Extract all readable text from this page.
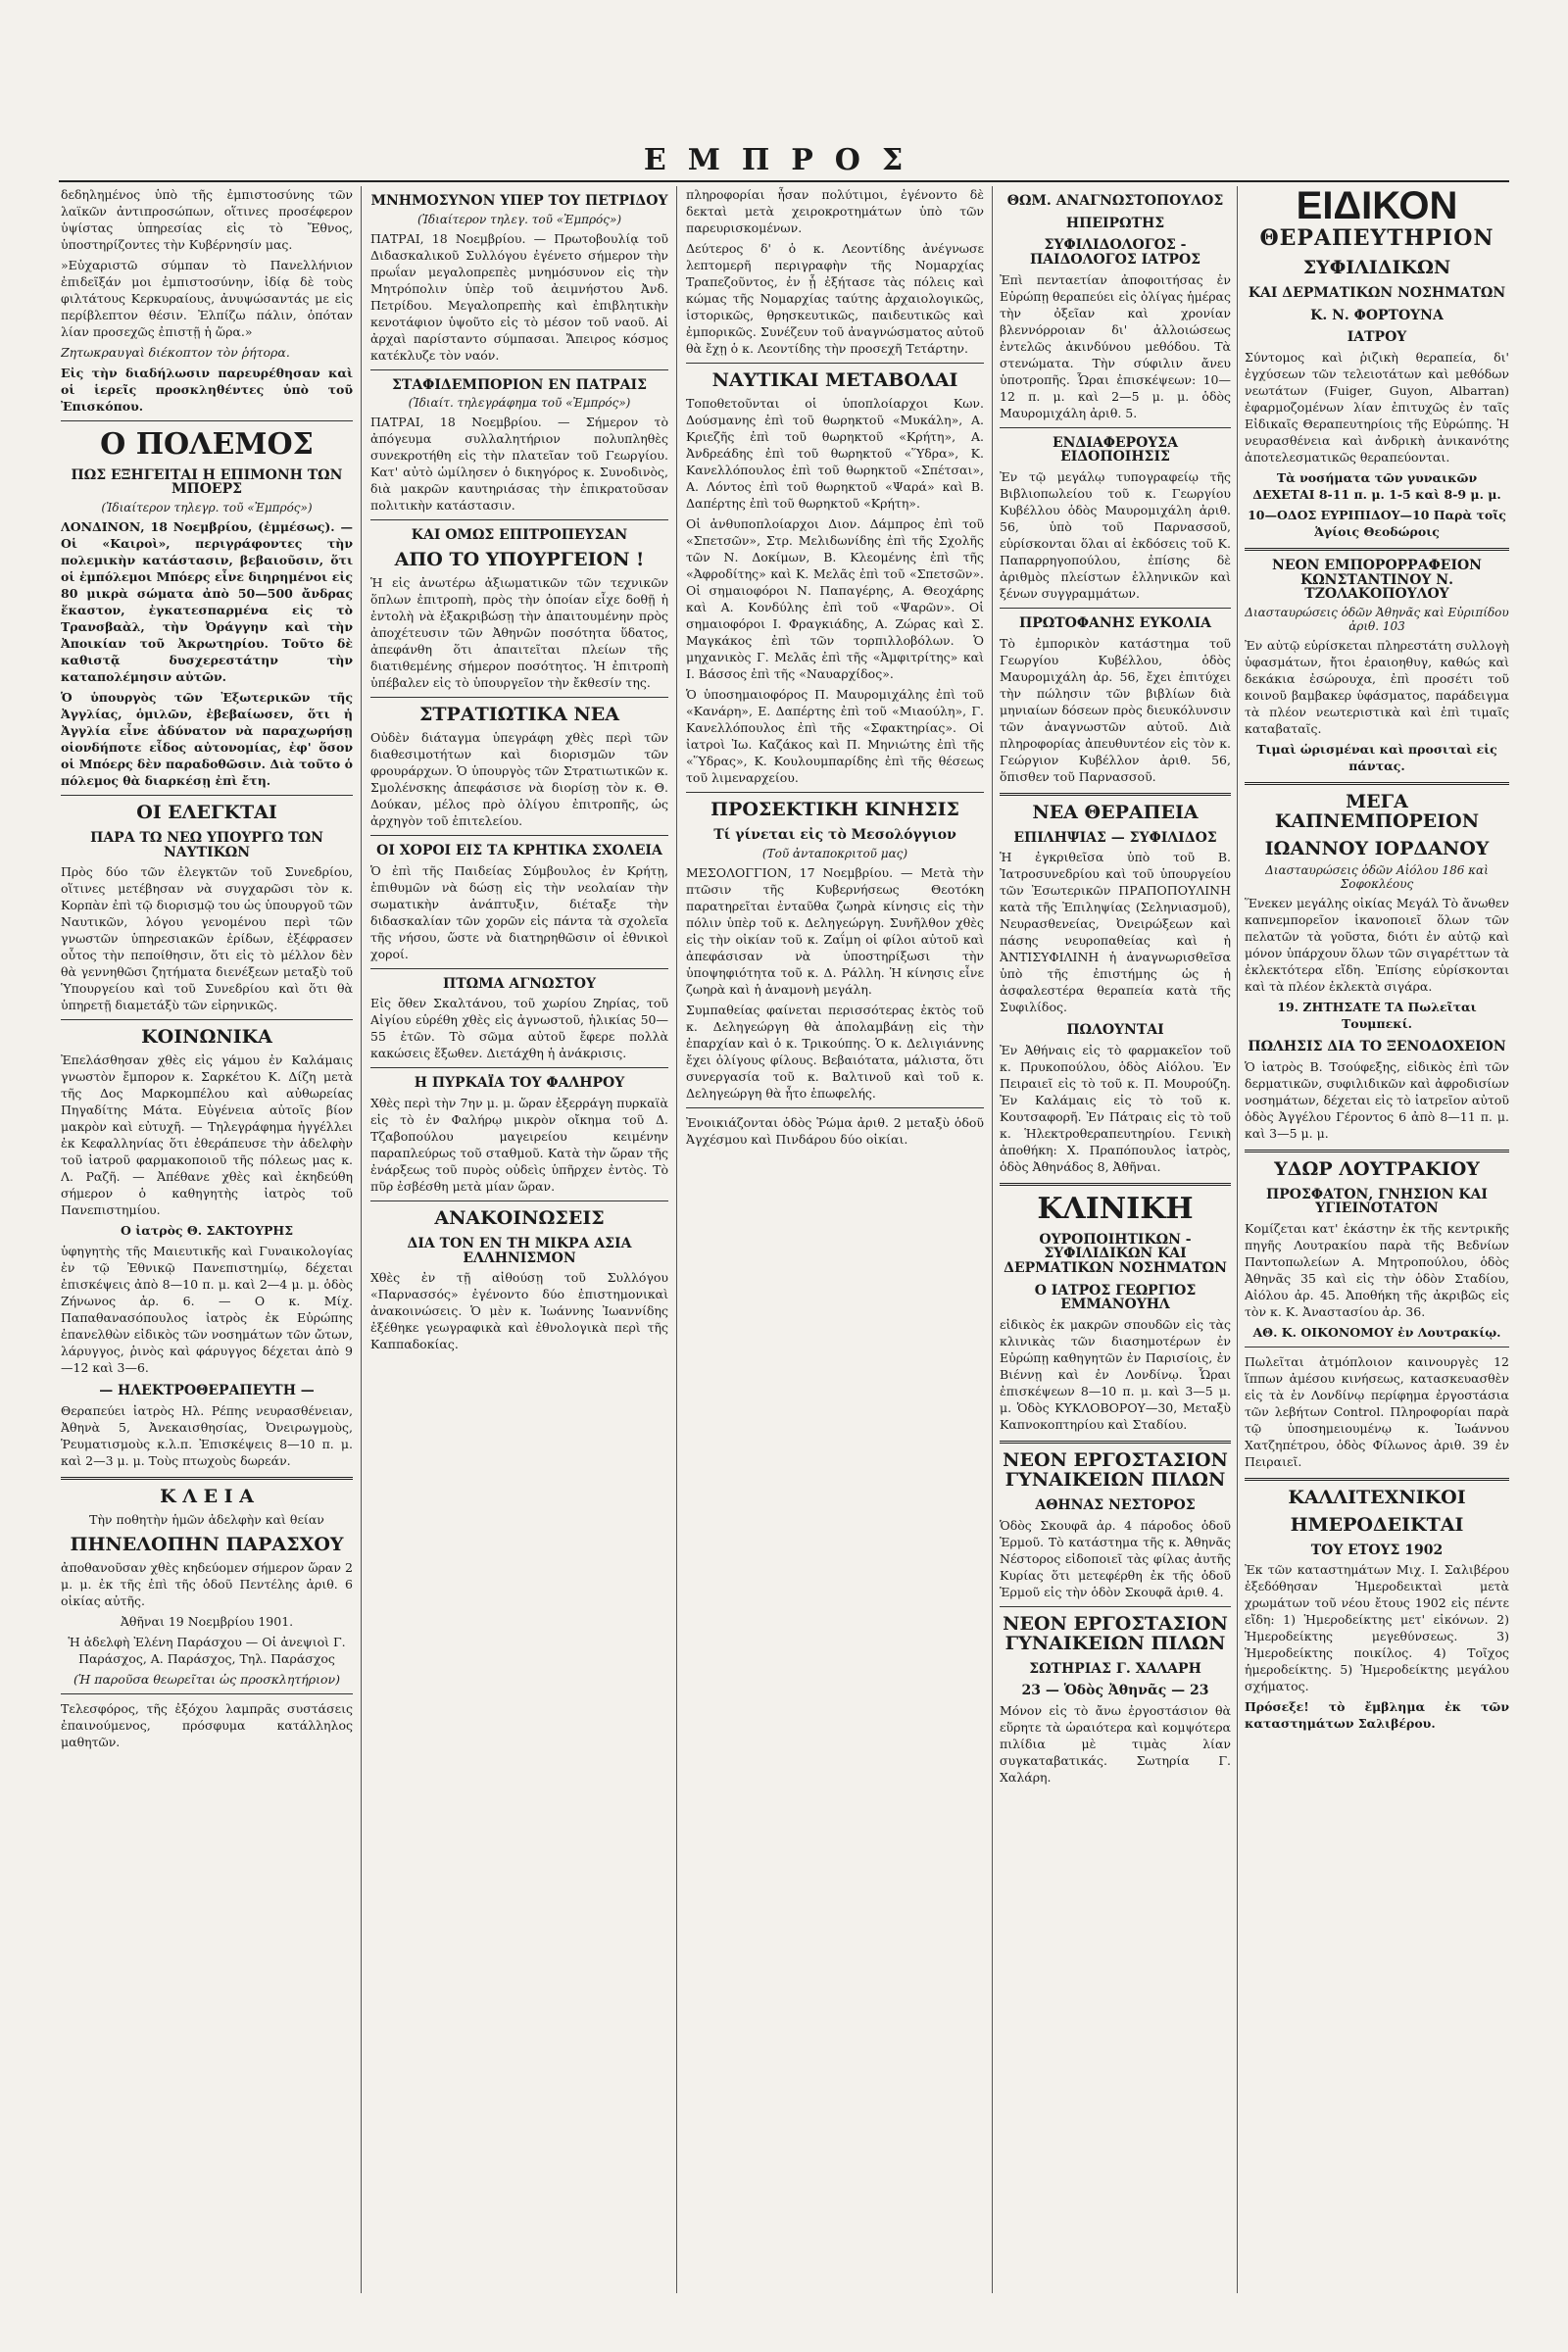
ΕΜΠΡΟΣ

δεδηλημένος ὑπὸ τῆς ἐμπιστοσύνης τῶν λαϊκῶν ἀντιπροσώπων, οἵτινες προσέφερον ὑψίστας ὑπηρεσίας εἰς τὸ Ἔθνος, ὑποστηρίζοντες τὴν Κυβέρνησίν μας.

»Εὐχαριστῶ σύμπαν τὸ Πανελλήνιον ἐπιδεῖξάν μοι ἐμπιστοσύνην, ἰδίᾳ δὲ τοὺς φιλτάτους Κερκυραίους, ἀνυψώσαντάς με εἰς περίβλεπτον θέσιν. Ἐλπίζω πάλιν, ὁπόταν λίαν προσεχῶς ἐπιστῇ ἡ ὥρα.»

Ζητωκραυγαὶ διέκοπτον τὸν ῥήτορα.

Εἰς τὴν διαδήλωσιν παρευρέθησαν καὶ οἱ ἱερεῖς προσκληθέντες ὑπὸ τοῦ Ἐπισκόπου.

Ο ΠΟΛΕΜΟΣ
ΠΩΣ ΕΞΗΓΕΙΤΑΙ Η ΕΠΙΜΟΝΗ ΤΩΝ ΜΠΟΕΡΣ
(Ἰδιαίτερον τηλεγρ. τοῦ «Ἐμπρός»)

ΛΟΝΔΙΝΟΝ, 18 Νοεμβρίου, (ἐμμέσως). — Οἱ «Καιροὶ», περιγράφοντες τὴν πολεμικὴν κατάστασιν, βεβαιοῦσιν, ὅτι οἱ ἐμπόλεμοι Μπόερς εἶνε διηρημένοι εἰς 80 μικρὰ σώματα ἀπὸ 50—500 ἄνδρας ἕκαστον, ἐγκατεσπαρμένα εἰς τὸ Τρανσβαὰλ, τὴν Ὀράγγην καὶ τὴν Ἀποικίαν τοῦ Ἀκρωτηρίου. Τοῦτο δὲ καθιστᾷ δυσχερεστάτην τὴν καταπολέμησιν αὐτῶν.

Ὁ ὑπουργὸς τῶν Ἐξωτερικῶν τῆς Ἀγγλίας, ὁμιλῶν, ἐβεβαίωσεν, ὅτι ἡ Ἀγγλία εἶνε ἀδύνατον νὰ παραχωρήσῃ οἱονδήποτε εἶδος αὐτονομίας, ἐφ' ὅσον οἱ Μπόερς δὲν παραδοθῶσιν. Διὰ τοῦτο ὁ πόλεμος θὰ διαρκέσῃ ἐπὶ ἔτη.

ΟΙ ΕΛΕΓΚΤΑΙ
ΠΑΡΑ ΤΩ ΝΕΩ ΥΠΟΥΡΓΩ ΤΩΝ ΝΑΥΤΙΚΩΝ

Πρὸς δύο τῶν ἐλεγκτῶν τοῦ Συνεδρίου, οἵτινες μετέβησαν νὰ συγχαρῶσι τὸν κ. Κορπὰν ἐπὶ τῷ διορισμῷ του ὡς ὑπουργοῦ τῶν Ναυτικῶν, λόγου γενομένου περὶ τῶν γνωστῶν ὑπηρεσιακῶν ἐρίδων, ἐξέφρασεν οὗτος τὴν πεποίθησιν, ὅτι εἰς τὸ μέλλον δὲν θὰ γεννηθῶσι ζητήματα διενέξεων μεταξὺ τοῦ Ὑπουργείου καὶ τοῦ Συνεδρίου καὶ ὅτι θὰ ὑπηρετῇ διαμετάξὺ τῶν εἰρηνικῶς.

ΚΟΙΝΩΝΙΚΑ

Ἐπελάσθησαν χθὲς εἰς γάμου ἐν Καλάμαις γνωστὸν ἔμπορον κ. Σαρκέτου Κ. Δίζη μετὰ τῆς Δος Μαρκομπέλου καὶ αὐθωρείας Πηγαδίτης Μάτα. Εὐγένεια αὐτοῖς βίον μακρὸν καὶ εὐτυχῆ. — Τηλεγράφημα ἠγγέλλει ἐκ Κεφαλληνίας ὅτι ἐθεράπευσε τὴν ἀδελφὴν τοῦ ἰατροῦ φαρμακοποιοῦ τῆς πόλεως μας κ. Λ. Ραζῆ. — Ἀπέθανε χθὲς καὶ ἐκηδεύθη σήμερον ὁ καθηγητὴς ἰατρὸς τοῦ Πανεπιστημίου.

Ο ἰατρὸς Θ. ΣΑΚΤΟΥΡΗΣ

ὑφηγητὴς τῆς Μαιευτικῆς καὶ Γυναικολογίας ἐν τῷ Ἐθνικῷ Πανεπιστημίῳ, δέχεται ἐπισκέψεις ἀπὸ 8—10 π. μ. καὶ 2—4 μ. μ. ὁδὸς Ζήνωνος ἀρ. 6. — Ο κ. Μίχ. Παπαθανασόπουλος ἰατρὸς ἐκ Εὐρώπης ἐπανελθὼν εἰδικὸς τῶν νοσημάτων τῶν ὤτων, λάρυγγος, ῥινὸς καὶ φάρυγγος δέχεται ἀπὸ 9—12 καὶ 3—6.

— ΗΛΕΚΤΡΟΘΕΡΑΠΕΥΤΗ —

Θεραπεύει ἰατρὸς Ηλ. Ρέπης νευρασθένειαν, Ἀθηνὰ 5, Ἀνεκαισθησίας, Ὀνειρωγμοὺς, Ῥευματισμοὺς κ.λ.π. Ἐπισκέψεις 8—10 π. μ. καὶ 2—3 μ. μ. Τοὺς πτωχοὺς δωρεάν.

Κ Λ Ε Ι Α

Τὴν ποθητὴν ἡμῶν ἀδελφὴν καὶ θείαν

ΠΗΝΕΛΟΠΗΝ ΠΑΡΑΣΧΟΥ

ἀποθανοῦσαν χθὲς κηδεύομεν σήμερον ὥραν 2 μ. μ. ἐκ τῆς ἐπὶ τῆς ὁδοῦ Πεντέλης ἀριθ. 6 οἰκίας αὐτῆς.

Ἀθῆναι 19 Νοεμβρίου 1901.

Ἡ ἀδελφὴ Ἐλένη Παράσχου — Οἱ ἀνεψιοὶ Γ. Παράσχος, Α. Παράσχος, Τηλ. Παράσχος

(Ἡ παροῦσα θεωρεῖται ὡς προσκλητήριον)

Τελεσφόρος, τῆς ἐξόχου λαμπρᾶς συστάσεις ἐπαινούμενος, πρόσφυμα κατάλληλος μαθητῶν.

ΜΝΗΜΟΣΥΝΟΝ ΥΠΕΡ ΤΟΥ ΠΕΤΡΙΔΟΥ
(Ἰδιαίτερον τηλεγ. τοῦ «Ἐμπρός»)

ΠΑΤΡΑΙ, 18 Νοεμβρίου. — Πρωτοβουλίᾳ τοῦ Διδασκαλικοῦ Συλλόγου ἐγένετο σήμερον τὴν πρωΐαν μεγαλοπρεπὲς μνημόσυνον εἰς τὴν Μητρόπολιν ὑπὲρ τοῦ ἀειμνήστου Ἀνδ. Πετρίδου. Μεγαλοπρεπὴς καὶ ἐπιβλητικὴν κενοτάφιον ὑψοῦτο εἰς τὸ μέσον τοῦ ναοῦ. Αἱ ἀρχαὶ παρίσταντο σύμπασαι. Ἄπειρος κόσμος κατέκλυζε τὸν ναόν.

ΣΤΑΦΙΔΕΜΠΟΡΙΟΝ ΕΝ ΠΑΤΡΑΙΣ
(Ἰδιαίτ. τηλεγράφημα τοῦ «Ἐμπρός»)

ΠΑΤΡΑΙ, 18 Νοεμβρίου. — Σήμερον τὸ ἀπόγευμα συλλαλητήριον πολυπληθὲς συνεκροτήθη εἰς τὴν πλατεῖαν τοῦ Γεωργίου. Κατ' αὐτὸ ὡμίλησεν ὁ δικηγόρος κ. Συνοδινὸς, διὰ μακρῶν καυτηριάσας τὴν ἐπικρατοῦσαν πολιτικὴν κατάστασιν.

ΚΑΙ ΟΜΩΣ ΕΠΙΤΡΟΠΕΥΣΑΝ
ΑΠΟ ΤΟ ΥΠΟΥΡΓΕΙΟΝ !

Ἡ εἰς ἀνωτέρω ἀξιωματικῶν τῶν τεχνικῶν ὅπλων ἐπιτροπὴ, πρὸς τὴν ὁποίαν εἶχε δοθῇ ἡ ἐντολὴ νὰ ἐξακριβώσῃ τὴν ἀπαιτουμένην πρὸς ἀποχέτευσιν τῶν Ἀθηνῶν ποσότητα ὕδατος, ἀπεφάνθη ὅτι ἀπαιτεῖται πλείων τῆς διατιθεμένης σήμερον ποσότητος. Ἡ ἐπιτροπὴ ὑπέβαλεν εἰς τὸ ὑπουργεῖον τὴν ἔκθεσίν της.

ΣΤΡΑΤΙΩΤΙΚΑ ΝΕΑ

Οὐδὲν διάταγμα ὑπεγράφη χθὲς περὶ τῶν διαθεσιμοτήτων καὶ διορισμῶν τῶν φρουράρχων. Ὁ ὑπουργὸς τῶν Στρατιωτικῶν κ. Σμολένσκης ἀπεφάσισε νὰ διορίσῃ τὸν κ. Θ. Δούκαν, μέλος πρὸ ὀλίγου ἐπιτροπῆς, ὡς ἀρχηγὸν τοῦ ἐπιτελείου.

ΟΙ ΧΟΡΟΙ ΕΙΣ ΤΑ ΚΡΗΤΙΚΑ ΣΧΟΛΕΙΑ

Ὁ ἐπὶ τῆς Παιδείας Σύμβουλος ἐν Κρήτῃ, ἐπιθυμῶν νὰ δώσῃ εἰς τὴν νεολαίαν τὴν σωματικὴν ἀνάπτυξιν, διέταξε τὴν διδασκαλίαν τῶν χορῶν εἰς πάντα τὰ σχολεῖα τῆς νήσου, ὥστε νὰ διατηρηθῶσιν οἱ ἐθνικοὶ χοροί.

ΠΤΩΜΑ ΑΓΝΩΣΤΟΥ

Εἰς ὄθεν Σκαλτάνου, τοῦ χωρίου Ζηρίας, τοῦ Αἰγίου εὑρέθη χθὲς εἰς ἀγνωστοῦ, ἡλικίας 50—55 ἐτῶν. Τὸ σῶμα αὐτοῦ ἔφερε πολλὰ κακώσεις ἔξωθεν. Διετάχθη ἡ ἀνάκρισις.

Η ΠΥΡΚΑΪΑ ΤΟΥ ΦΑΛΗΡΟΥ

Χθὲς περὶ τὴν 7ην μ. μ. ὥραν ἐξερράγη πυρκαϊὰ εἰς τὸ ἐν Φαλήρῳ μικρὸν οἴκημα τοῦ Δ. Τζαβοπούλου μαγειρείου κειμένην παραπλεύρως τοῦ σταθμοῦ. Κατὰ τὴν ὥραν τῆς ἐνάρξεως τοῦ πυρὸς οὐδεὶς ὑπῆρχεν ἐντὸς. Τὸ πῦρ ἐσβέσθη μετὰ μίαν ὥραν.

ΑΝΑΚΟΙΝΩΣΕΙΣ
ΔΙΑ ΤΟΝ ΕΝ ΤΗ ΜΙΚΡΑ ΑΣΙΑ ΕΛΛΗΝΙΣΜΟΝ

Χθὲς ἐν τῇ αἰθούσῃ τοῦ Συλλόγου «Παρνασσός» ἐγένοντο δύο ἐπιστημονικαὶ ἀνακοινώσεις. Ὁ μὲν κ. Ἰωάννης Ἰωαννίδης ἐξέθηκε γεωγραφικὰ καὶ ἐθνολογικὰ περὶ τῆς Καππαδοκίας.

πληροφορίαι ἦσαν πολύτιμοι, ἐγένοντο δὲ δεκταὶ μετὰ χειροκροτημάτων ὑπὸ τῶν παρευρισκομένων.

Δεύτερος δ' ὁ κ. Λεοντίδης ἀνέγνωσε λεπτομερῆ περιγραφὴν τῆς Νομαρχίας Τραπεζοῦντος, ἐν ᾗ ἐξήτασε τὰς πόλεις καὶ κώμας τῆς Νομαρχίας ταύτης ἀρχαιολογικῶς, ἱστορικῶς, θρησκευτικῶς, παιδευτικῶς καὶ ἐμπορικῶς. Συνέζευν τοῦ ἀναγνώσματος αὐτοῦ θὰ ἔχῃ ὁ κ. Λεοντίδης τὴν προσεχῆ Τετάρτην.

ΝΑΥΤΙΚΑΙ ΜΕΤΑΒΟΛΑΙ

Τοποθετοῦνται οἱ ὑποπλοίαρχοι Κων. Δούσμανης ἐπὶ τοῦ θωρηκτοῦ «Μυκάλη», Α. Κριεζῆς ἐπὶ τοῦ θωρηκτοῦ «Κρήτη», Α. Ἀνδρεάδης ἐπὶ τοῦ θωρηκτοῦ «Ὕδρα», Κ. Κανελλόπουλος ἐπὶ τοῦ θωρηκτοῦ «Σπέτσαι», Α. Λόντος ἐπὶ τοῦ θωρηκτοῦ «Ψαρά» καὶ Β. Δαπέρτης ἐπὶ τοῦ θωρηκτοῦ «Κρήτη».

Οἱ ἀνθυποπλοίαρχοι Διον. Δάμπρος ἐπὶ τοῦ «Σπετσῶν», Στρ. Μελιδωνίδης ἐπὶ τῆς Σχολῆς τῶν Ν. Δοκίμων, Β. Κλεομένης ἐπὶ τῆς «Ἀφροδίτης» καὶ Κ. Μελᾶς ἐπὶ τοῦ «Σπετσῶν». Οἱ σημαιοφόροι Ν. Παπαγέρης, Α. Θεοχάρης καὶ Α. Κονδύλης ἐπὶ τοῦ «Ψαρῶν». Οἱ σημαιοφόροι Ι. Φραγκιάδης, Α. Ζώρας καὶ Σ. Μαγκάκος ἐπὶ τῶν τορπιλλοβόλων. Ὁ μηχανικὸς Γ. Μελᾶς ἐπὶ τῆς «Ἀμφιτρίτης» καὶ Ι. Βάσσος ἐπὶ τῆς «Ναυαρχίδος».

Ὁ ὑποσημαιοφόρος Π. Μαυρομιχάλης ἐπὶ τοῦ «Κανάρη», Ε. Δαπέρτης ἐπὶ τοῦ «Μιαούλη», Γ. Κανελλόπουλος ἐπὶ τῆς «Σφακτηρίας». Οἱ ἰατροὶ Ἰω. Καζάκος καὶ Π. Μηνιώτης ἐπὶ τῆς «Ὕδρας», Κ. Κουλουμπαρίδης ἐπὶ τῆς θέσεως τοῦ λιμεναρχείου.

ΠΡΟΣΕΚΤΙΚΗ ΚΙΝΗΣΙΣ
Τί γίνεται εἰς τὸ Μεσολόγγιον
(Τοῦ ἀνταποκριτοῦ μας)

ΜΕΣΟΛΟΓΓΙΟΝ, 17 Νοεμβρίου. — Μετὰ τὴν πτῶσιν τῆς Κυβερνήσεως Θεοτόκη παρατηρεῖται ἐνταῦθα ζωηρὰ κίνησις εἰς τὴν πόλιν ὑπὲρ τοῦ κ. Δεληγεώργη. Συνῆλθον χθὲς εἰς τὴν οἰκίαν τοῦ κ. Ζαΐμη οἱ φίλοι αὐτοῦ καὶ ἀπεφάσισαν νὰ ὑποστηρίξωσι τὴν ὑποψηφιότητα τοῦ κ. Δ. Ράλλη. Ἡ κίνησις εἶνε ζωηρὰ καὶ ἡ ἀναμονὴ μεγάλη.

Συμπαθείας φαίνεται περισσότερας ἐκτὸς τοῦ κ. Δεληγεώργη θὰ ἀπολαμβάνῃ εἰς τὴν ἐπαρχίαν καὶ ὁ κ. Τρικούπης. Ὁ κ. Δελιγιάννης ἔχει ὀλίγους φίλους. Βεβαιότατα, μάλιστα, ὅτι συνεργασία τοῦ κ. Βαλτινοῦ καὶ τοῦ κ. Δεληγεώργη θὰ ἦτο ἐπωφελής.

Ἐνοικιάζονται ὁδὸς Ῥώμα ἀριθ. 2 μεταξὺ ὁδοῦ Ἀγχέσμου καὶ Πινδάρου δύο οἰκίαι.

ΘΩΜ. ΑΝΑΓΝΩΣΤΟΠΟΥΛΟΣ
ΗΠΕΙΡΩΤΗΣ
ΣΥΦΙΛΙΔΟΛΟΓΟΣ - ΠΑΙΔΟΛΟΓΟΣ ΙΑΤΡΟΣ

Ἐπὶ πενταετίαν ἀποφοιτήσας ἐν Εὐρώπῃ θεραπεύει εἰς ὀλίγας ἡμέρας τὴν ὀξεῖαν καὶ χρονίαν βλεννόρροιαν δι' ἀλλοιώσεως ἐντελῶς ἀκινδύνου μεθόδου. Τὰ στενώματα. Τὴν σύφιλιν ἄνευ ὑποτροπῆς. Ὧραι ἐπισκέψεων: 10—12 π. μ. καὶ 2—5 μ. μ. ὁδὸς Μαυρομιχάλη ἀριθ. 5.

ΕΝΔΙΑΦΕΡΟΥΣΑ ΕΙΔΟΠΟΙΗΣΙΣ

Ἐν τῷ μεγάλῳ τυπογραφείῳ τῆς Βιβλιοπωλείου τοῦ κ. Γεωργίου Κυβέλλου ὁδὸς Μαυρομιχάλη ἀριθ. 56, ὑπὸ τοῦ Παρνασσοῦ, εὑρίσκονται ὅλαι αἱ ἐκδόσεις τοῦ Κ. Παπαρρηγοπούλου, ἐπίσης δὲ ἀριθμὸς πλείστων ἑλληνικῶν καὶ ξένων συγγραμμάτων.

ΠΡΩΤΟΦΑΝΗΣ ΕΥΚΟΛΙΑ

Τὸ ἐμπορικὸν κατάστημα τοῦ Γεωργίου Κυβέλλου, ὁδὸς Μαυρομιχάλη ἀρ. 56, ἔχει ἐπιτύχει τὴν πώλησιν τῶν βιβλίων διὰ μηνιαίων δόσεων πρὸς διευκόλυνσιν τῶν ἀναγνωστῶν αὐτοῦ. Διὰ πληροφορίας ἀπευθυντέον εἰς τὸν κ. Γεώργιον Κυβέλλον ἀριθ. 56, ὅπισθεν τοῦ Παρνασσοῦ.

ΝΕΑ ΘΕΡΑΠΕΙΑ
ΕΠΙΛΗΨΙΑΣ — ΣΥΦΙΛΙΔΟΣ

Ἡ ἐγκριθεῖσα ὑπὸ τοῦ Β. Ἰατροσυνεδρίου καὶ τοῦ ὑπουργείου τῶν Ἐσωτερικῶν ΠΡΑΠΟΠΟΥΛΙΝΗ κατὰ τῆς Ἐπιληψίας (Σεληνιασμοῦ), Νευρασθενείας, Ὀνειρώξεων καὶ πάσης νευροπαθείας καὶ ἡ ἈΝΤΙΣΥΦΙΛΙΝΗ ἡ ἀναγνωρισθεῖσα ὑπὸ τῆς ἐπιστήμης ὡς ἡ ἀσφαλεστέρα θεραπεία κατὰ τῆς Συφιλίδος.

ΠΩΛΟΥΝΤΑΙ

Ἐν Ἀθήναις εἰς τὸ φαρμακεῖον τοῦ κ. Πρυκοπούλου, ὁδὸς Αἰόλου. Ἐν Πειραιεῖ εἰς τὸ τοῦ κ. Π. Μουρούζη. Ἐν Καλάμαις εἰς τὸ τοῦ κ. Κουτσαφορῆ. Ἐν Πάτραις εἰς τὸ τοῦ κ. Ἡλεκτροθεραπευτηρίου. Γενικὴ ἀποθήκη: Χ. Πραπόπουλος ἰατρὸς, ὁδὸς Ἀθηνάδος 8, Ἀθῆναι.

ΚΛΙΝΙΚΗ
ΟΥΡΟΠΟΙΗΤΙΚΩΝ - ΣΥΦΙΛΙΔΙΚΩΝ ΚΑΙ ΔΕΡΜΑΤΙΚΩΝ ΝΟΣΗΜΑΤΩΝ
Ο ΙΑΤΡΟΣ ΓΕΩΡΓΙΟΣ ΕΜΜΑΝΟΥΗΛ

εἰδικὸς ἐκ μακρῶν σπουδῶν εἰς τὰς κλινικὰς τῶν διασημοτέρων ἐν Εὐρώπῃ καθηγητῶν ἐν Παρισίοις, ἐν Βιέννῃ καὶ ἐν Λονδίνῳ. Ὧραι ἐπισκέψεων 8—10 π. μ. καὶ 3—5 μ. μ. Ὁδὸς ΚΥΚΛΟΒΟΡΟΥ—30, Μεταξὺ Καπνοκοπτηρίου καὶ Σταδίου.

ΝΕΟΝ ΕΡΓΟΣΤΑΣΙΟΝ ΓΥΝΑΙΚΕΙΩΝ ΠΙΛΩΝ
ΑΘΗΝΑΣ ΝΕΣΤΟΡΟΣ

Ὁδὸς Σκουφᾶ ἀρ. 4 πάροδος ὁδοῦ Ἑρμοῦ. Τὸ κατάστημα τῆς κ. Ἀθηνᾶς Νέστορος εἰδοποιεῖ τὰς φίλας ἀυτῆς Κυρίας ὅτι μετεφέρθη ἐκ τῆς ὁδοῦ Ἑρμοῦ εἰς τὴν ὁδὸν Σκουφᾶ ἀριθ. 4.

ΝΕΟΝ ΕΡΓΟΣΤΑΣΙΟΝ ΓΥΝΑΙΚΕΙΩΝ ΠΙΛΩΝ
ΣΩΤΗΡΙΑΣ Γ. ΧΑΛΑΡΗ
23 — Ὁδὸς Ἀθηνᾶς — 23

Μόνον εἰς τὸ ἄνω ἐργοστάσιον θὰ εὕρητε τὰ ὡραιότερα καὶ κομψότερα πιλίδια μὲ τιμὰς λίαν συγκαταβατικάς. Σωτηρία Γ. Χαλάρη.

ΕΙΔΙΚΟΝ
ΘΕΡΑΠΕΥΤΗΡΙΟΝ
ΣΥΦΙΛΙΔΙΚΩΝ
ΚΑΙ ΔΕΡΜΑΤΙΚΩΝ ΝΟΣΗΜΑΤΩΝ
Κ. Ν. ΦΟΡΤΟΥΝΑ
ΙΑΤΡΟΥ

Σύντομος καὶ ῥιζικὴ θεραπεία, δι' ἐγχύσεων τῶν τελειοτάτων καὶ μεθόδων νεωτάτων (Fuiger, Guyon, Albarran) ἐφαρμοζομένων λίαν ἐπιτυχῶς ἐν ταῖς Εἰδικαῖς Θεραπευτηρίοις τῆς Εὐρώπης. Ἡ νευρασθένεια καὶ ἀνδρικὴ ἀνικανότης ἀποτελεσματικῶς θεραπεύονται.

Τὰ νοσήματα τῶν γυναικῶν ΔΕΧΕΤΑΙ 8-11 π. μ. 1-5 καὶ 8-9 μ. μ.

10—ΟΔΟΣ ΕΥΡΙΠΙΔΟΥ—10 Παρὰ τοῖς Ἁγίοις Θεοδώροις

ΝΕΟΝ ΕΜΠΟΡΟΡΡΑΦΕΙΟΝ ΚΩΝΣΤΑΝΤΙΝΟΥ Ν. ΤΖΟΛΑΚΟΠΟΥΛΟΥ
Διασταυρώσεις ὁδῶν Ἀθηνᾶς καὶ Εὐριπίδου ἀριθ. 103

Ἐν αὐτῷ εὑρίσκεται πληρεστάτη συλλογὴ ὑφασμάτων, ἤτοι ἐραιοηθυγ, καθώς καὶ δεκάκια ἐσώρουχα, ἐπὶ προσέτι τοῦ κοινοῦ βαμβακερ ὑφάσματος, παράδειγμα τὰ πλέον νεωτεριστικὰ καὶ ἐπὶ τιμαῖς καταβαταῖς.

Τιμαὶ ὡρισμέναι καὶ προσιταὶ εἰς πάντας.

ΜΕΓΑ ΚΑΠΝΕΜΠΟΡΕΙΟΝ
ΙΩΑΝΝΟΥ ΙΟΡΔΑΝΟΥ
Διασταυρώσεις ὁδῶν Αἰόλου 186 καὶ Σοφοκλέους

Ἕνεκεν μεγάλης οἰκίας Μεγάλ Τὸ ἄνωθεν καπνεμπορεῖον ἱκανοποιεῖ ὅλων τῶν πελατῶν τὰ γοῦστα, διότι ἐν αὐτῷ καὶ μόνον ὑπάρχουν ὅλων τῶν σιγαρέττων τὰ ἐκλεκτότερα εἴδη. Ἐπίσης εὑρίσκονται καὶ τὰ πλέον ἐκλεκτὰ σιγάρα.

19. ΖΗΤΗΣΑΤΕ ΤΑ Πωλεῖται Τουμπεκί.

ΠΩΛΗΣΙΣ ΔΙΑ ΤΟ ΞΕΝΟΔΟΧΕΙΟΝ

Ὁ ἰατρὸς Β. Τσούφεξης, εἰδικὸς ἐπὶ τῶν δερματικῶν, συφιλιδικῶν καὶ ἀφροδισίων νοσημάτων, δέχεται εἰς τὸ ἰατρεῖον αὐτοῦ ὁδὸς Ἀγγέλου Γέροντος 6 ἀπὸ 8—11 π. μ. καὶ 3—5 μ. μ.

ΥΔΩΡ ΛΟΥΤΡΑΚΙΟΥ
ΠΡΟΣΦΑΤΟΝ, ΓΝΗΣΙΟΝ ΚΑΙ ΥΓΙΕΙΝΟΤΑΤΟΝ

Κομίζεται κατ' ἑκάστην ἐκ τῆς κεντρικῆς πηγῆς Λουτρακίου παρὰ τῆς Βεδνίων Παντοπωλείων Α. Μητροπούλου, ὁδὸς Ἀθηνᾶς 35 καὶ εἰς τὴν ὁδὸν Σταδίου, Αἰόλου ἀρ. 45. Ἀποθήκη τῆς ἀκριβῶς εἰς τὸν κ. Κ. Ἀναστασίου ἀρ. 36.

ΑΘ. Κ. ΟΙΚΟΝΟΜΟΥ ἐν Λουτρακίῳ.

Πωλεῖται ἀτμόπλοιον καινουργὲς 12 ἵππων ἀμέσου κινήσεως, κατασκευασθὲν εἰς τὰ ἐν Λονδίνῳ περίφημα ἐργοστάσια τῶν λεβήτων Control. Πληροφορίαι παρὰ τῷ ὑποσημειουμένῳ κ. Ἰωάννου Χατζηπέτρου, ὁδὸς Φίλωνος ἀριθ. 39 ἐν Πειραιεῖ.

ΚΑΛΛΙΤΕΧΝΙΚΟΙ
ΗΜΕΡΟΔΕΙΚΤΑΙ
ΤΟΥ ΕΤΟΥΣ 1902

Ἐκ τῶν καταστημάτων Μιχ. Ι. Σαλιβέρου ἐξεδόθησαν Ἡμεροδεικταὶ μετὰ χρωμάτων τοῦ νέου ἔτους 1902 εἰς πέντε εἴδη: 1) Ἡμεροδείκτης μετ' εἰκόνων. 2) Ἡμεροδείκτης μεγεθύνσεως. 3) Ἡμεροδείκτης ποικίλος. 4) Τοῖχος ἡμεροδείκτης. 5) Ἡμεροδείκτης μεγάλου σχήματος.

Πρόσεξε! τὸ ἔμβλημα ἐκ τῶν καταστημάτων Σαλιβέρου.
